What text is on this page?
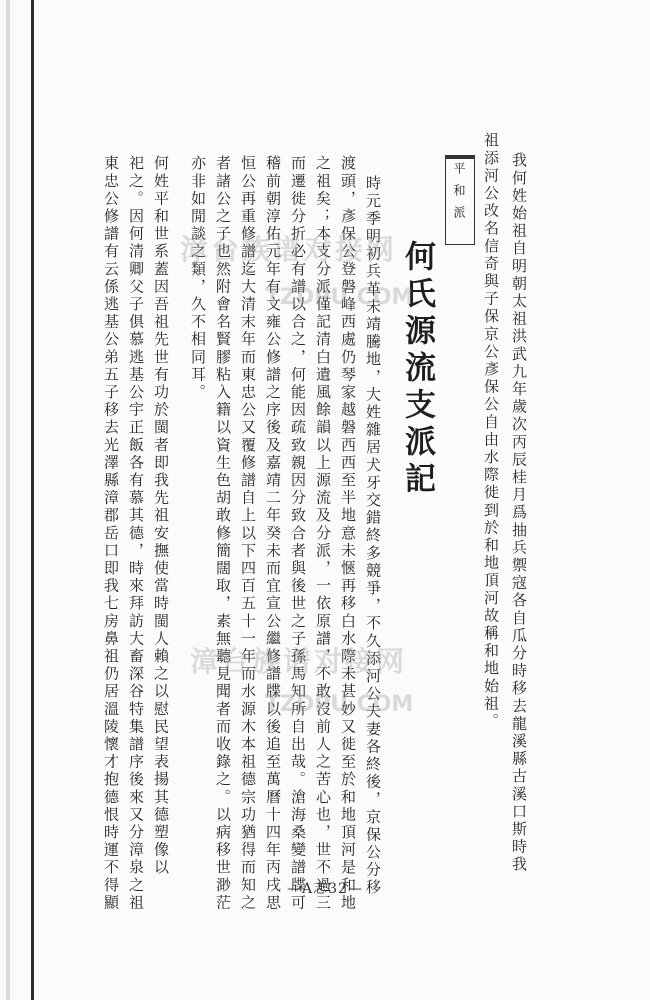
我何姓始祖自明朝太祖洪武九年歲次丙辰桂月爲抽兵禦寇各自瓜分時移去龍溪縣古溪口斯時我
祖添河公改名信奇與子保京公彥保公自由水際徙到於和地頂河故稱和地始祖。
平和派
何氏源流支派記
時元季明初兵革未靖騰地，大姓雜居犬牙交錯終多競爭，不久添河公夫妻各終後，京保公分移
渡頭，彥保公登磐峰西處仍琴家越磐西西至半地意未愜再移白水際未甚妙又徙至於和地頂河是和地
之祖矣；本支分派僅記清白遺風餘韻以上源流及分派，一依原譜，不敢沒前人之苦心也，世不過三
而遷徙分折必有譜以合之，何能因疏致親因分致合者與後世之子孫馬知所自出哉。滄海桑變譜牒可
稽前朝淳佑元年有文雍公修譜之序後及嘉靖二年癸未而宜宣公繼修譜牒以後追至萬曆十四年丙戌思
恒公再重修譜迄大清末年而東忠公又覆修譜自上以下四百五十一年而水源木本祖德宗功猶得而知之
者諸公之子也然附會名賢膠粘入籍以資生色胡敢修簡闊取，素無聽見聞者而收錄之。以病移世渺茫
亦非如閒談之類，久不相同耳。
何姓平和世系蓋因吾祖先世有功於閩者即我先祖安撫使當時閩人賴之以慰民望表揚其德塑像以
祀之。因何清卿父子俱慕逃基公宇正飯各有慕其德，時來拜訪大畜深谷特集譜序後來又分漳泉之祖
東忠公修譜有云係逃基公弟五子移去光澤縣漳郡岳口即我七房鼻祖仍居溫陵懷才抱德恨時運不得顯	—A志32—
漳台族谱对接网
TZDPU.COM
漳台族谱对接网
TZDPU.COM
